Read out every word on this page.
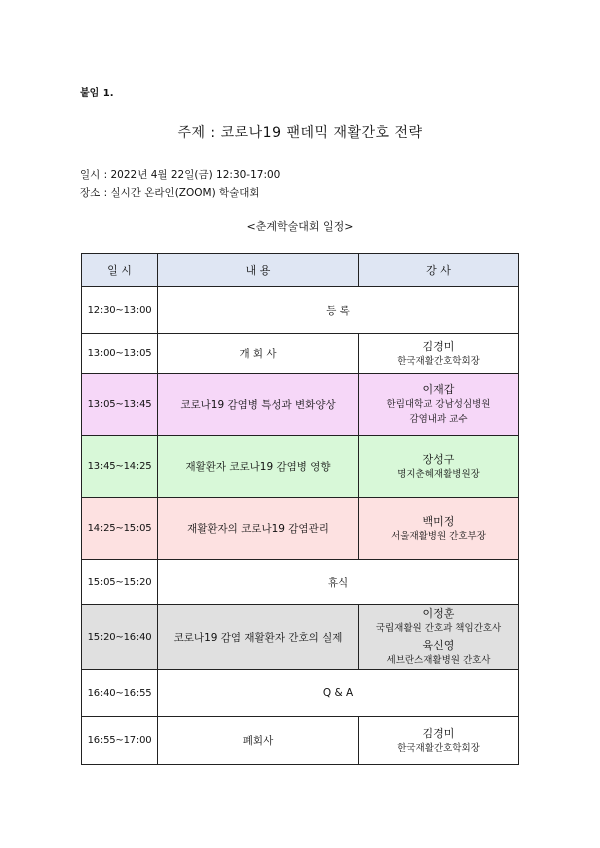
붙임 1.
주제 : 코로나19 팬데믹 재활간호 전략
일시 : 2022년 4월 22일(금) 12:30-17:00
장소 : 실시간 온라인(ZOOM) 학술대회
<춘계학술대회 일정>
일 시	내 용	강 사
12:30~13:00	등 록	
13:00~13:05	개 회 사	김경미
한국재활간호학회장

13:05~13:45	코로나19 감염병 특성과 변화양상	이재갑
한림대학교 강남성심병원
감염내과 교수

13:45~14:25	재활환자 코로나19 감염병 영향	장성구
명지춘혜재활병원장

14:25~15:05	재활환자의 코로나19 감염관리	백미정
서울재활병원 간호부장

15:05~15:20	휴식	
15:20~16:40	코로나19 감염 재활환자 간호의 실제	이정훈
국립재활원 간호과 책임간호사
육신영
세브란스재활병원 간호사

16:40~16:55	Q & A	
16:55~17:00	폐회사	김경미
한국재활간호학회장
